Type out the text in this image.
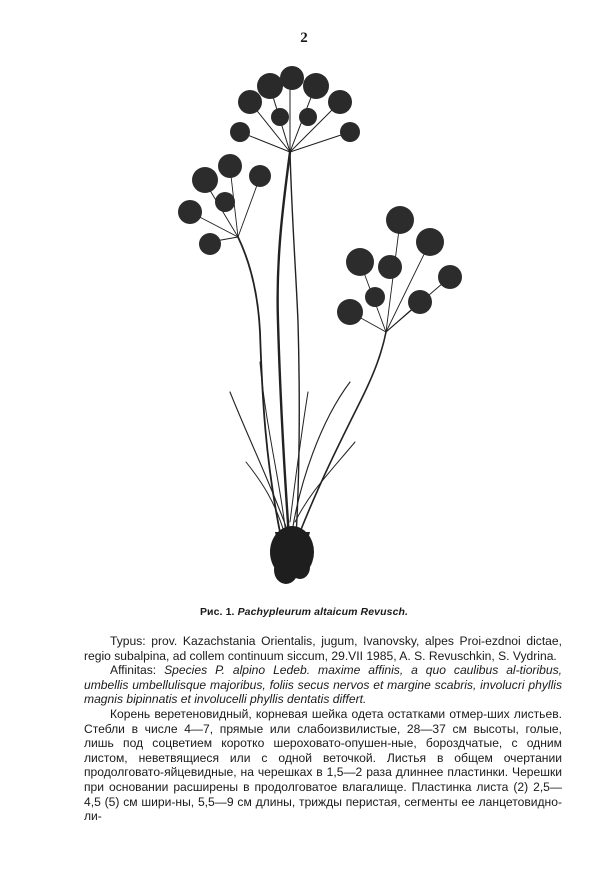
2
Рис. 1. Pachypleurum altaicum Revusch.

Typus: prov. Kazachstania Orientalis, jugum, Ivanovsky, alpes Proi-ezdnoi dictae, regio subalpina, ad collem continuum siccum, 29.VII 1985, A. S. Revuschkin, S. Vydrina.

Affinitas: Species P. alpino Ledeb. maxime affinis, a quo caulibus al-tioribus, umbellis umbellulisque majoribus, foliis secus nervos et margine scabris, involucri phyllis magnis bipinnatis et involucelli phyllis dentatis differt.

Корень веретеновидный, корневая шейка одета остатками отмер-ших листьев. Стебли в числе 4—7, прямые или слабоизвилистые, 28—37 см высоты, голые, лишь под соцветием коротко шероховато-опушен-ные, бороздчатые, с одним листом, неветвящиеся или с одной веточкой. Листья в общем очертании продолговато-яйцевидные, на черешках в 1,5—2 раза длиннее пластинки. Черешки при основании расширены в продолговатое влагалище. Пластинка листа (2) 2,5—4,5 (5) см шири-ны, 5,5—9 см длины, трижды перистая, сегменты ее ланцетовидно-ли-
